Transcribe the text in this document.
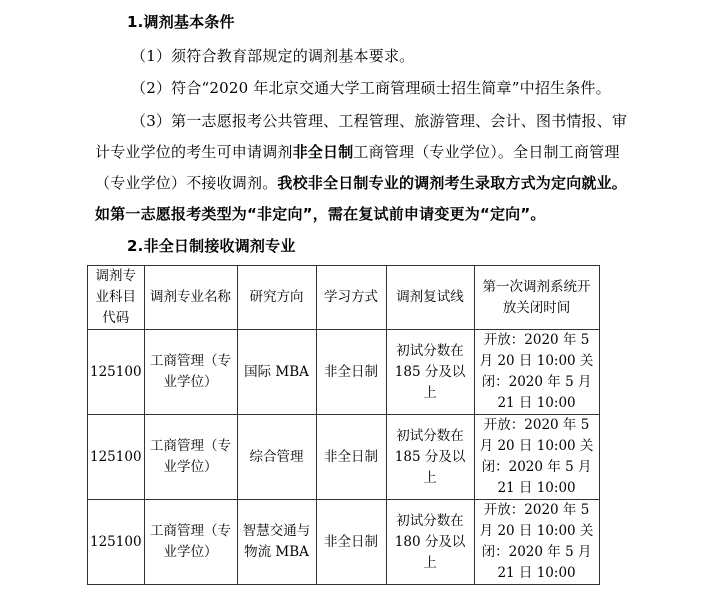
1.调剂基本条件
（1）须符合教育部规定的调剂基本要求。
（2）符合“2020 年北京交通大学工商管理硕士招生简章”中招生条件。
（3）第一志愿报考公共管理、工程管理、旅游管理、会计、图书情报、审
计专业学位的考生可申请调剂非全日制工商管理（专业学位）。全日制工商管理
（专业学位）不接收调剂。我校非全日制专业的调剂考生录取方式为定向就业。
如第一志愿报考类型为“非定向”，需在复试前申请变更为“定向”。
2.非全日制接收调剂专业
调剂专业科目代码	调剂专业名称	研究方向	学习方式	调剂复试线	第一次调剂系统开放关闭时间
125100	工商管理（专业学位）	国际 MBA	非全日制	初试分数在185 分及以上	开放：2020 年 5 月 20 日 10:00 关闭：2020 年 5 月 21 日 10:00
125100	工商管理（专业学位）	综合管理	非全日制	初试分数在185 分及以上	开放：2020 年 5 月 20 日 10:00 关闭：2020 年 5 月 21 日 10:00
125100	工商管理（专业学位）	智慧交通与物流 MBA	非全日制	初试分数在180 分及以上	开放：2020 年 5 月 20 日 10:00 关闭：2020 年 5 月 21 日 10:00
